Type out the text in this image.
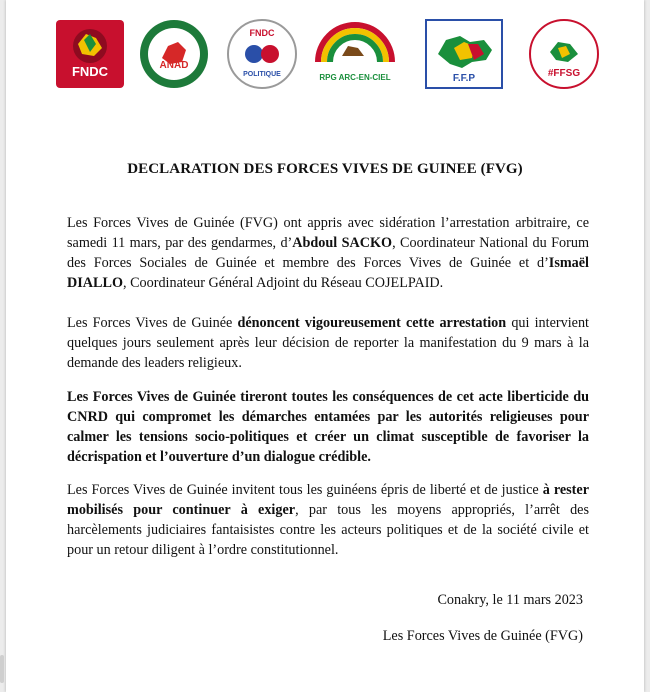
FNDC	ANAD
FNDC
POLITIQUE	RPG ARC-EN-CIEL	F.F.P	#FFSG
DECLARATION DES FORCES VIVES DE GUINEE (FVG)

Les Forces Vives de Guinée (FVG) ont appris avec sidération l’arrestation arbitraire, ce samedi 11 mars, par des gendarmes, d’Abdoul SACKO, Coordinateur National du Forum des Forces Sociales de Guinée et membre des Forces Vives de Guinée et d’Ismaël DIALLO, Coordinateur Général Adjoint du Réseau COJELPAID.

Les Forces Vives de Guinée dénoncent vigoureusement cette arrestation qui intervient quelques jours seulement après leur décision de reporter la manifestation du 9 mars à la demande des leaders religieux.

Les Forces Vives de Guinée tireront toutes les conséquences de cet acte liberticide du CNRD qui compromet les démarches entamées par les autorités religieuses pour calmer les tensions socio-politiques et créer un climat susceptible de favoriser la décrispation et l’ouverture d’un dialogue crédible.

Les Forces Vives de Guinée invitent tous les guinéens épris de liberté et de justice à rester mobilisés pour continuer à exiger, par tous les moyens appropriés, l’arrêt des harcèlements judiciaires fantaisistes contre les acteurs politiques et de la société civile et pour un retour diligent à l’ordre constitutionnel.

Conakry, le 11 mars 2023
Les Forces Vives de Guinée (FVG)
